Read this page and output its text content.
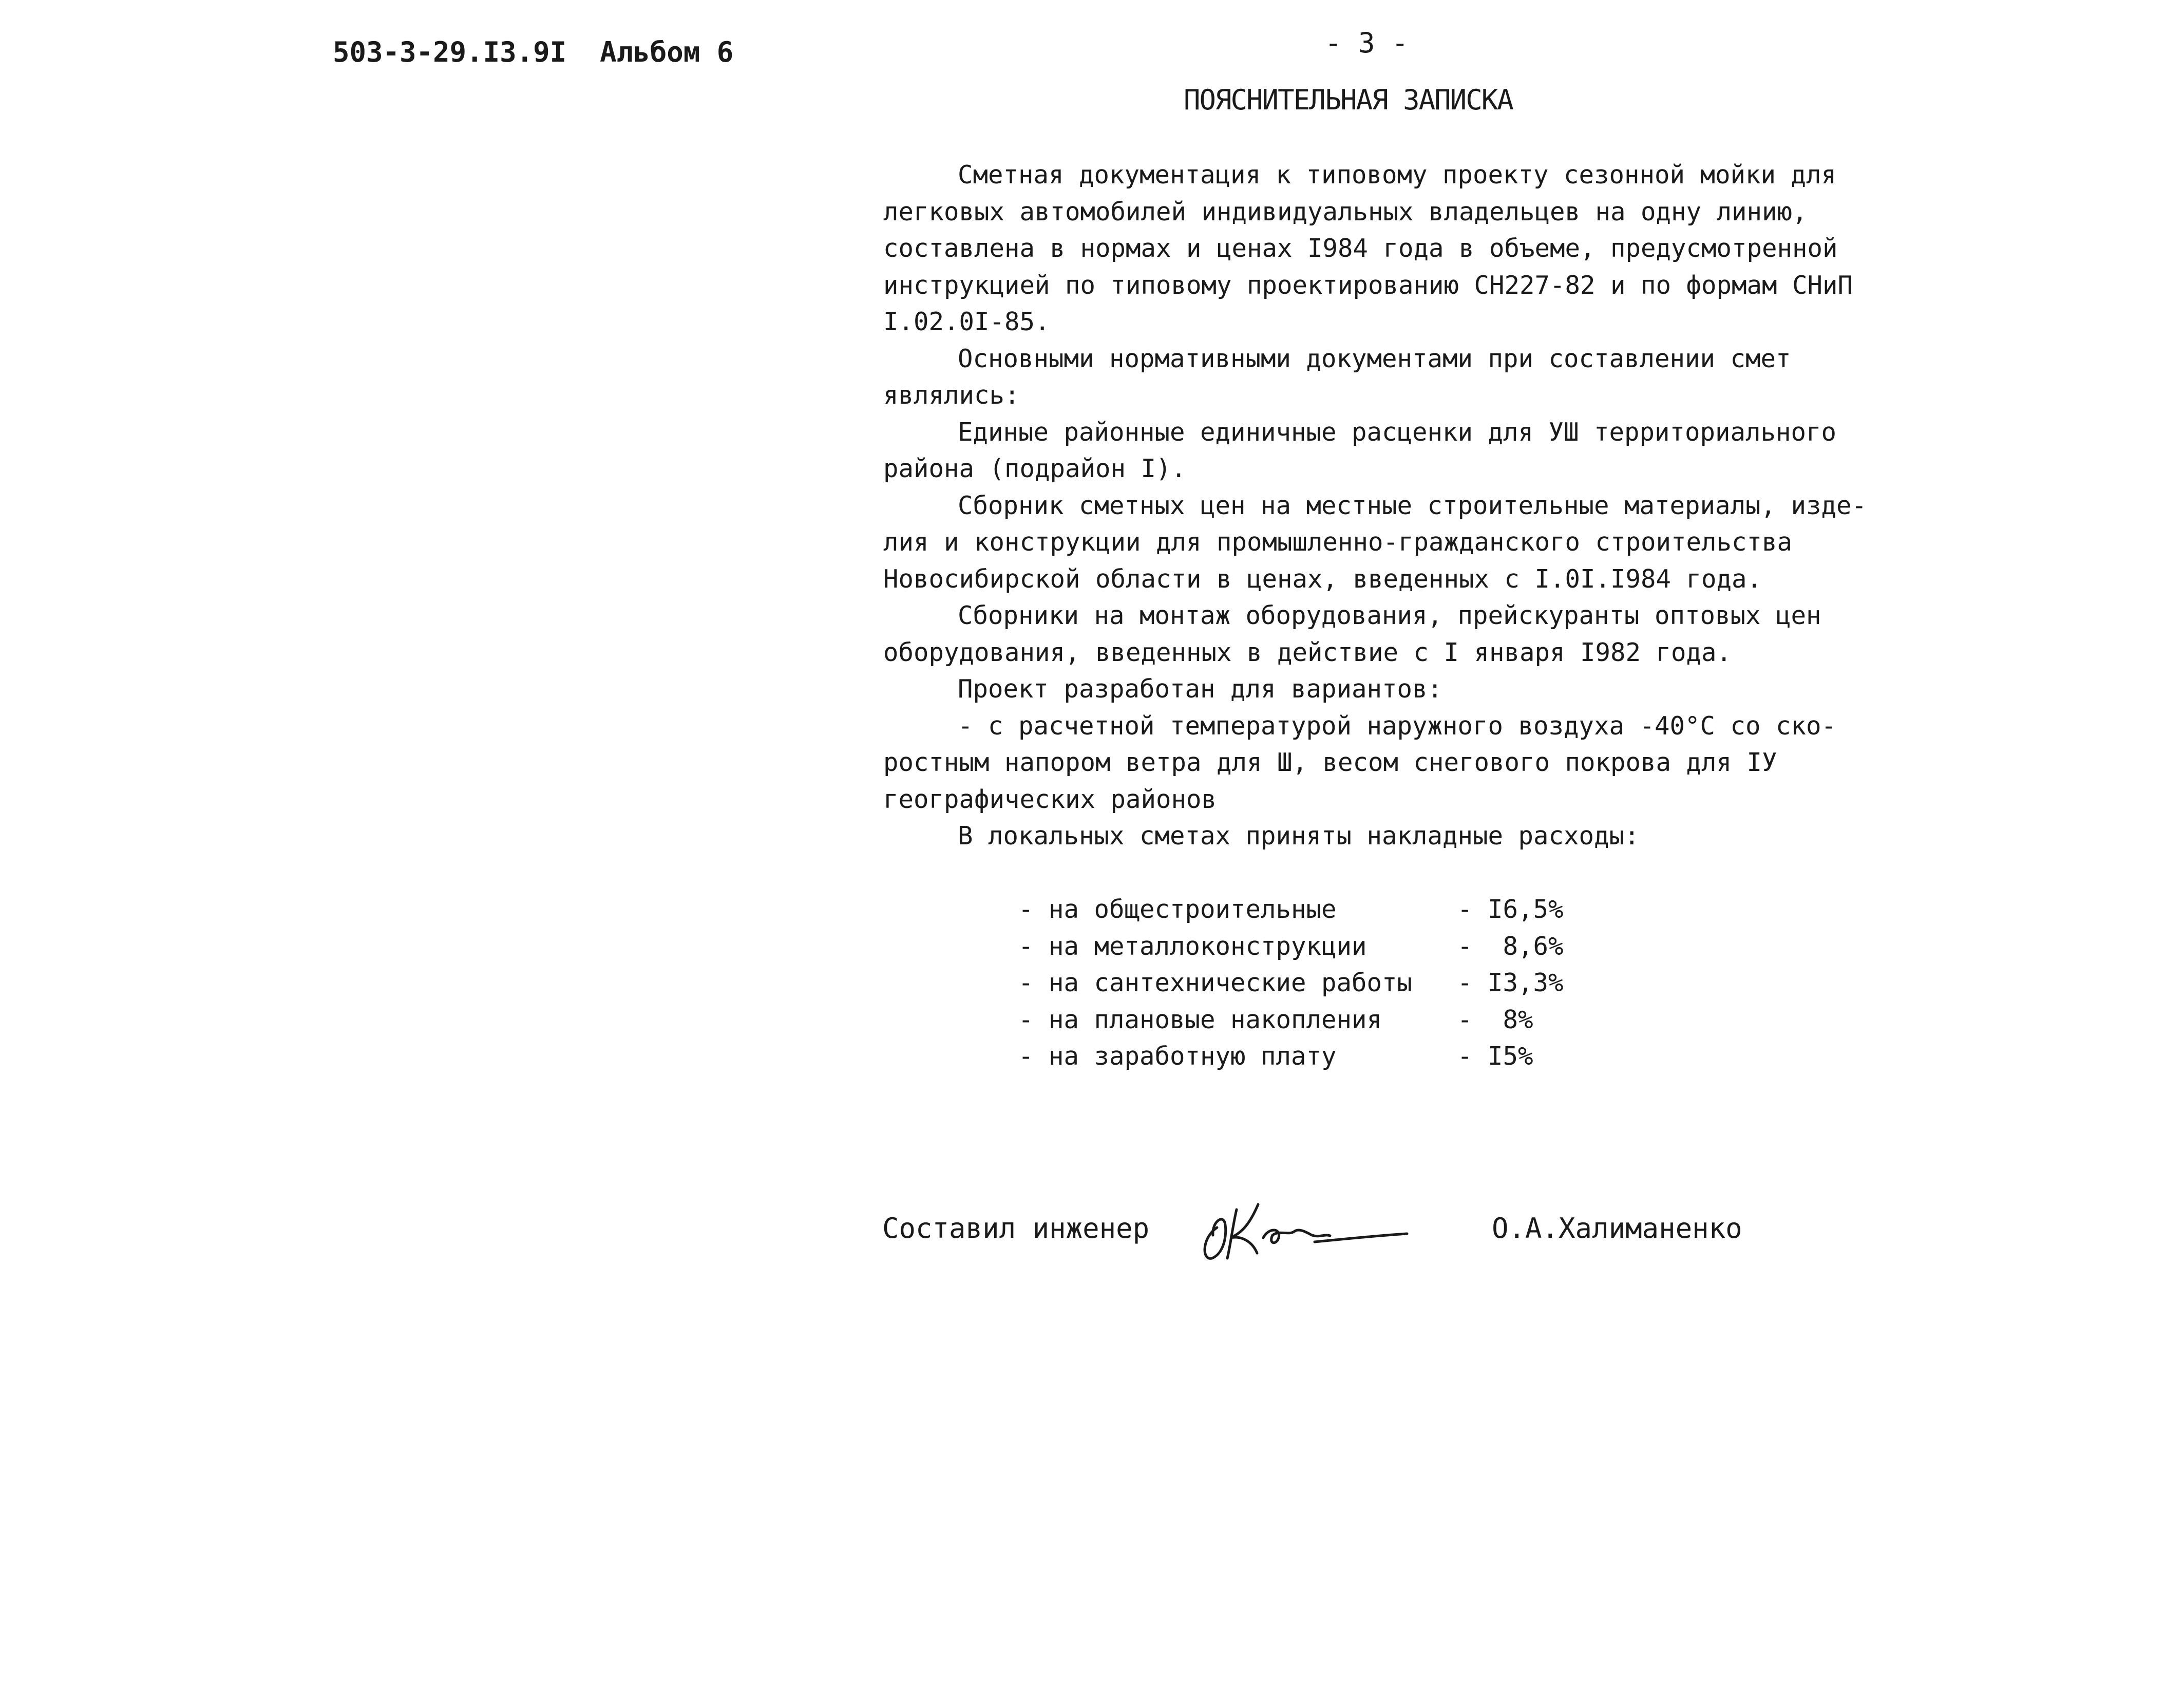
503-3-29.I3.9I  Альбом 6	- 3 -
ПОЯСНИТЕЛЬНАЯ ЗАПИСКА
Сметная документация к типовому проекту сезонной мойки для
легковых автомобилей индивидуальных владельцев на одну линию,
составлена в нормах и ценах I984 года в объеме, предусмотренной
инструкцией по типовому проектированию СН227-82 и по формам СНиП
I.02.0I-85.
Основными нормативными документами при составлении смет
являлись:
Единые районные единичные расценки для УШ территориального
района (подрайон I).
Сборник сметных цен на местные строительные материалы, изде-
лия и конструкции для промышленно-гражданского строительства
Новосибирской области в ценах, введенных с I.0I.I984 года.
Сборники на монтаж оборудования, прейскуранты оптовых цен
оборудования, введенных в действие с I января I982 года.
Проект разработан для вариантов:
- с расчетной температурой наружного воздуха -40°С со ско-
ростным напором ветра для Ш, весом снегового покрова для IУ
географических районов
В локальных сметах приняты накладные расходы:

- на общестроительные	- I6,5%

- на металлоконструкции	-  8,6%

- на сантехнические работы - I3,3%

- на плановые накопления	-  8%

- на заработную плату	- I5%

Составил инженер	О.А.Халиманенко
